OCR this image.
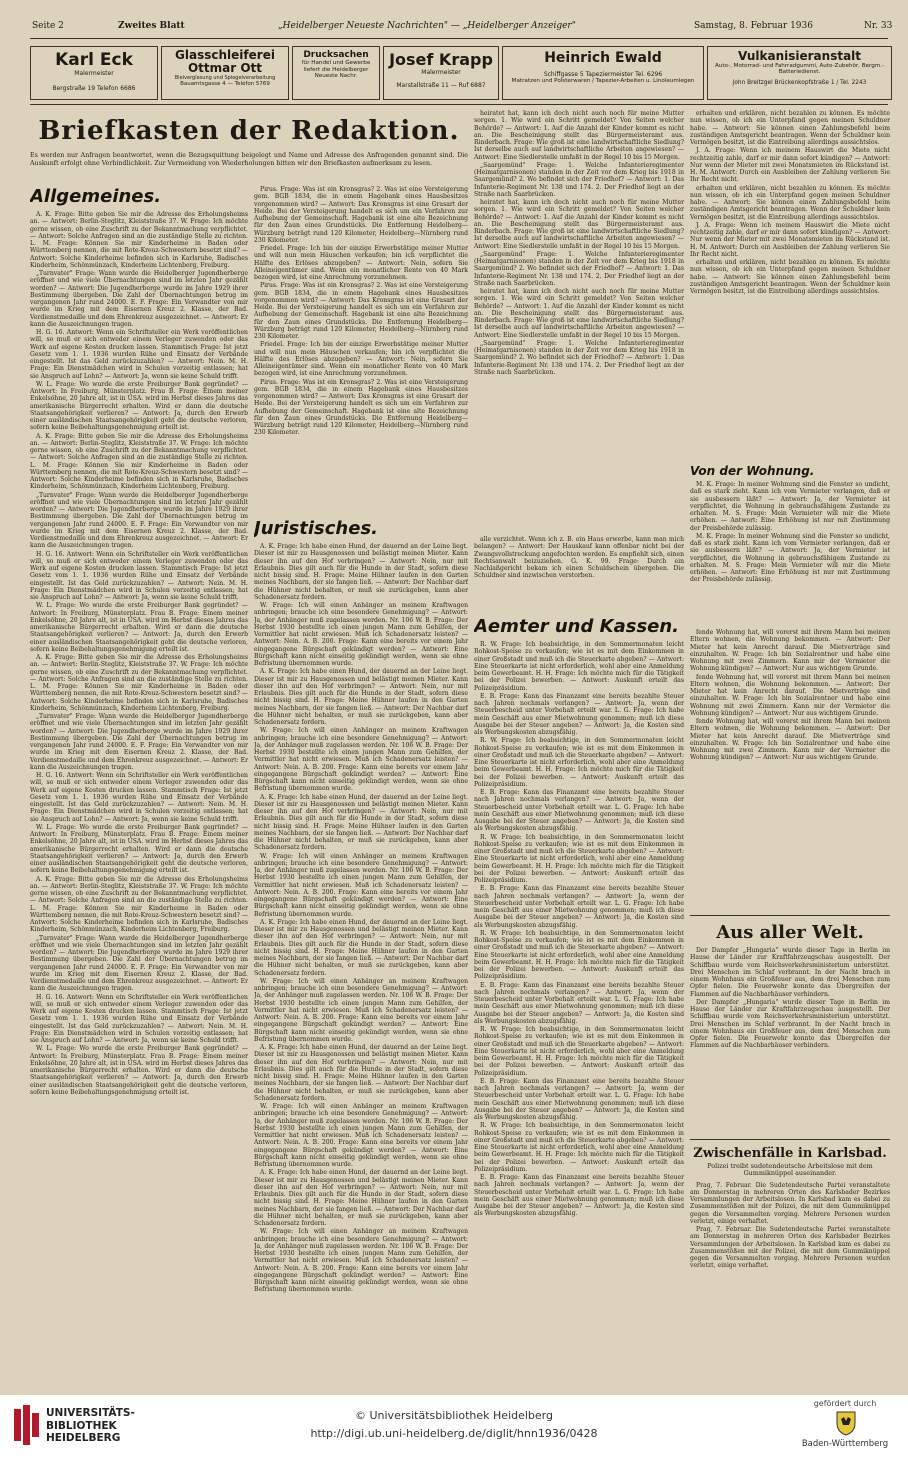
Seite 2	Zweites Blatt	„Heidelberger Neueste Nachrichten" — „Heidelberger Anzeiger"	Samstag, 8. Februar 1936	Nr. 33
Karl Eck
Malermeister
Bergstraße 19 Telefon 6686
Glasschleiferei Ottmar Ott
Bleiverglasung und Spiegelverarbeitung
Bauamtsgasse 4 — Telefon 5769
Drucksachen
für Handel und Gewerbe liefert die Heidelberger Neueste Nachr.
Josef Krapp
Malermeister
Marstallstraße 11 — Ruf 6887
Heinrich Ewald
Schiffgasse 5 Tapeziermeister Tel. 6296
Matratzen und Polsterwaren / Tapezier-Arbeiten u. Linoleumlegen
Vulkanisieranstalt
Auto-, Motorrad- und Fahrradgummi, Auto-Zubehör, Bergm.-Batteriedienst.
John Breitzgel Brückenkopfstraße 1 / Tel. 2243
Briefkasten der Redaktion.
Es werden nur Anfragen beantwortet, wenn die Bezugsquittung beigelegt und Name und Adresse des Anfragenden genannt sind. Die Auskunft erfolgt ohne Verbindlichkeit. Zur Vermeidung von Wiederholungen bitten wir den Briefkasten aufmerksam zu lesen.
Allgemeines.

A. K. Frage: Bitte geben Sie mir die Adresse des Erholungsheims an. — Antwort: Berlin-Steglitz, Kleiststraße 37. W. Frage: Ich möchte gerne wissen, ob eine Zuschrift zu der Bekanntmachung verpflichtet. — Antwort: Solche Anfragen sind an die zuständige Stelle zu richten. L. M. Frage: Können Sie mir Kinderheime in Baden oder Württemberg nennen, die mit Rote-Kreuz-Schwestern besetzt sind? — Antwort: Solche Kinderheime befinden sich in Karlsruhe, Badisches Kinderheim, Schönmünzach, Kinderheim Lichtenberg, Freiburg.

„Turnvater" Frage: Wann wurde die Heidelberger Jugendherberge eröffnet und wie viele Übernachtungen sind im letzten Jahr gezählt worden? — Antwort: Die Jugendherberge wurde im Jahre 1929 ihrer Bestimmung übergeben. Die Zahl der Übernachtungen betrug im vergangenen Jahr rund 24000. E. F. Frage: Ein Verwandter von mir wurde im Krieg mit dem Eisernen Kreuz 2. Klasse, der Bad. Verdienstmedaille und dem Ehrenkreuz ausgezeichnet. — Antwort: Er kann die Auszeichnungen tragen.

H. G. 16. Antwort: Wenn ein Schriftsteller ein Werk veröffentlichen will, so muß er sich entweder einem Verleger zuwenden oder das Werk auf eigene Kosten drucken lassen. Stammtisch Frage: Ist jetzt Gesetz vom 1. 1. 1936 wurden Rühe und Einsatz der Verbände eingestellt. Ist das Geld zurückzuzahlen? — Antwort: Nein. M. H. Frage: Ein Dienstmädchen wird in Schulen vorzeitig entlassen; hat sie Anspruch auf Lohn? — Antwort: Ja, wenn sie keine Schuld trifft.

W. L. Frage: Wo wurde die erste Freiburger Bank gegründet? — Antwort: In Freiburg, Münsterplatz. Frau B. Frage: Einem meiner Enkelsöhne, 20 Jahre alt, ist in USA. wird im Herbst dieses Jahres das amerikanische Bürgerrecht erhalten. Wird er dann die deutsche Staatsangehörigkeit verlieren? — Antwort: Ja, durch den Erwerb einer ausländischen Staatsangehörigkeit geht die deutsche verloren, sofern keine Beibehaltungsgenehmigung erteilt ist.

A. K. Frage: Bitte geben Sie mir die Adresse des Erholungsheims an. — Antwort: Berlin-Steglitz, Kleiststraße 37. W. Frage: Ich möchte gerne wissen, ob eine Zuschrift zu der Bekanntmachung verpflichtet. — Antwort: Solche Anfragen sind an die zuständige Stelle zu richten. L. M. Frage: Können Sie mir Kinderheime in Baden oder Württemberg nennen, die mit Rote-Kreuz-Schwestern besetzt sind? — Antwort: Solche Kinderheime befinden sich in Karlsruhe, Badisches Kinderheim, Schönmünzach, Kinderheim Lichtenberg, Freiburg.

„Turnvater" Frage: Wann wurde die Heidelberger Jugendherberge eröffnet und wie viele Übernachtungen sind im letzten Jahr gezählt worden? — Antwort: Die Jugendherberge wurde im Jahre 1929 ihrer Bestimmung übergeben. Die Zahl der Übernachtungen betrug im vergangenen Jahr rund 24000. E. F. Frage: Ein Verwandter von mir wurde im Krieg mit dem Eisernen Kreuz 2. Klasse, der Bad. Verdienstmedaille und dem Ehrenkreuz ausgezeichnet. — Antwort: Er kann die Auszeichnungen tragen.

H. G. 16. Antwort: Wenn ein Schriftsteller ein Werk veröffentlichen will, so muß er sich entweder einem Verleger zuwenden oder das Werk auf eigene Kosten drucken lassen. Stammtisch Frage: Ist jetzt Gesetz vom 1. 1. 1936 wurden Rühe und Einsatz der Verbände eingestellt. Ist das Geld zurückzuzahlen? — Antwort: Nein. M. H. Frage: Ein Dienstmädchen wird in Schulen vorzeitig entlassen; hat sie Anspruch auf Lohn? — Antwort: Ja, wenn sie keine Schuld trifft.

W. L. Frage: Wo wurde die erste Freiburger Bank gegründet? — Antwort: In Freiburg, Münsterplatz. Frau B. Frage: Einem meiner Enkelsöhne, 20 Jahre alt, ist in USA. wird im Herbst dieses Jahres das amerikanische Bürgerrecht erhalten. Wird er dann die deutsche Staatsangehörigkeit verlieren? — Antwort: Ja, durch den Erwerb einer ausländischen Staatsangehörigkeit geht die deutsche verloren, sofern keine Beibehaltungsgenehmigung erteilt ist.

A. K. Frage: Bitte geben Sie mir die Adresse des Erholungsheims an. — Antwort: Berlin-Steglitz, Kleiststraße 37. W. Frage: Ich möchte gerne wissen, ob eine Zuschrift zu der Bekanntmachung verpflichtet. — Antwort: Solche Anfragen sind an die zuständige Stelle zu richten. L. M. Frage: Können Sie mir Kinderheime in Baden oder Württemberg nennen, die mit Rote-Kreuz-Schwestern besetzt sind? — Antwort: Solche Kinderheime befinden sich in Karlsruhe, Badisches Kinderheim, Schönmünzach, Kinderheim Lichtenberg, Freiburg.

„Turnvater" Frage: Wann wurde die Heidelberger Jugendherberge eröffnet und wie viele Übernachtungen sind im letzten Jahr gezählt worden? — Antwort: Die Jugendherberge wurde im Jahre 1929 ihrer Bestimmung übergeben. Die Zahl der Übernachtungen betrug im vergangenen Jahr rund 24000. E. F. Frage: Ein Verwandter von mir wurde im Krieg mit dem Eisernen Kreuz 2. Klasse, der Bad. Verdienstmedaille und dem Ehrenkreuz ausgezeichnet. — Antwort: Er kann die Auszeichnungen tragen.

H. G. 16. Antwort: Wenn ein Schriftsteller ein Werk veröffentlichen will, so muß er sich entweder einem Verleger zuwenden oder das Werk auf eigene Kosten drucken lassen. Stammtisch Frage: Ist jetzt Gesetz vom 1. 1. 1936 wurden Rühe und Einsatz der Verbände eingestellt. Ist das Geld zurückzuzahlen? — Antwort: Nein. M. H. Frage: Ein Dienstmädchen wird in Schulen vorzeitig entlassen; hat sie Anspruch auf Lohn? — Antwort: Ja, wenn sie keine Schuld trifft.

W. L. Frage: Wo wurde die erste Freiburger Bank gegründet? — Antwort: In Freiburg, Münsterplatz. Frau B. Frage: Einem meiner Enkelsöhne, 20 Jahre alt, ist in USA. wird im Herbst dieses Jahres das amerikanische Bürgerrecht erhalten. Wird er dann die deutsche Staatsangehörigkeit verlieren? — Antwort: Ja, durch den Erwerb einer ausländischen Staatsangehörigkeit geht die deutsche verloren, sofern keine Beibehaltungsgenehmigung erteilt ist.

A. K. Frage: Bitte geben Sie mir die Adresse des Erholungsheims an. — Antwort: Berlin-Steglitz, Kleiststraße 37. W. Frage: Ich möchte gerne wissen, ob eine Zuschrift zu der Bekanntmachung verpflichtet. — Antwort: Solche Anfragen sind an die zuständige Stelle zu richten. L. M. Frage: Können Sie mir Kinderheime in Baden oder Württemberg nennen, die mit Rote-Kreuz-Schwestern besetzt sind? — Antwort: Solche Kinderheime befinden sich in Karlsruhe, Badisches Kinderheim, Schönmünzach, Kinderheim Lichtenberg, Freiburg.

„Turnvater" Frage: Wann wurde die Heidelberger Jugendherberge eröffnet und wie viele Übernachtungen sind im letzten Jahr gezählt worden? — Antwort: Die Jugendherberge wurde im Jahre 1929 ihrer Bestimmung übergeben. Die Zahl der Übernachtungen betrug im vergangenen Jahr rund 24000. E. F. Frage: Ein Verwandter von mir wurde im Krieg mit dem Eisernen Kreuz 2. Klasse, der Bad. Verdienstmedaille und dem Ehrenkreuz ausgezeichnet. — Antwort: Er kann die Auszeichnungen tragen.

H. G. 16. Antwort: Wenn ein Schriftsteller ein Werk veröffentlichen will, so muß er sich entweder einem Verleger zuwenden oder das Werk auf eigene Kosten drucken lassen. Stammtisch Frage: Ist jetzt Gesetz vom 1. 1. 1936 wurden Rühe und Einsatz der Verbände eingestellt. Ist das Geld zurückzuzahlen? — Antwort: Nein. M. H. Frage: Ein Dienstmädchen wird in Schulen vorzeitig entlassen; hat sie Anspruch auf Lohn? — Antwort: Ja, wenn sie keine Schuld trifft.

W. L. Frage: Wo wurde die erste Freiburger Bank gegründet? — Antwort: In Freiburg, Münsterplatz. Frau B. Frage: Einem meiner Enkelsöhne, 20 Jahre alt, ist in USA. wird im Herbst dieses Jahres das amerikanische Bürgerrecht erhalten. Wird er dann die deutsche Staatsangehörigkeit verlieren? — Antwort: Ja, durch den Erwerb einer ausländischen Staatsangehörigkeit geht die deutsche verloren, sofern keine Beibehaltungsgenehmigung erteilt ist.

Pirus. Frage: Was ist ein Kronsgras? 2. Was ist eine Versteigerung gem. BGB 1834, die in einem Hagebank eines Hausbesitzes vorgenommen wird? — Antwort: Das Kronsgras ist eine Grasart der Heide. Bei der Versteigerung handelt es sich um ein Verfahren zur Aufhebung der Gemeinschaft. Hagebank ist eine alte Bezeichnung für den Zaun eines Grundstücks. Die Entfernung Heidelberg—Würzburg beträgt rund 120 Kilometer, Heidelberg—Nürnberg rund 230 Kilometer.

Friedel. Frage: Ich bin der einzige Erwerbstätige meiner Mutter und will nun mein Häuschen verkaufen; bin ich verpflichtet die Hälfte des Erlöses abzugeben? — Antwort: Nein, sofern Sie Alleineigentümer sind. Wenn ein monatlicher Rente von 40 Mark bezogen wird, ist eine Anrechnung vorzunehmen.

Pirus. Frage: Was ist ein Kronsgras? 2. Was ist eine Versteigerung gem. BGB 1834, die in einem Hagebank eines Hausbesitzes vorgenommen wird? — Antwort: Das Kronsgras ist eine Grasart der Heide. Bei der Versteigerung handelt es sich um ein Verfahren zur Aufhebung der Gemeinschaft. Hagebank ist eine alte Bezeichnung für den Zaun eines Grundstücks. Die Entfernung Heidelberg—Würzburg beträgt rund 120 Kilometer, Heidelberg—Nürnberg rund 230 Kilometer.

Friedel. Frage: Ich bin der einzige Erwerbstätige meiner Mutter und will nun mein Häuschen verkaufen; bin ich verpflichtet die Hälfte des Erlöses abzugeben? — Antwort: Nein, sofern Sie Alleineigentümer sind. Wenn ein monatlicher Rente von 40 Mark bezogen wird, ist eine Anrechnung vorzunehmen.

Pirus. Frage: Was ist ein Kronsgras? 2. Was ist eine Versteigerung gem. BGB 1834, die in einem Hagebank eines Hausbesitzes vorgenommen wird? — Antwort: Das Kronsgras ist eine Grasart der Heide. Bei der Versteigerung handelt es sich um ein Verfahren zur Aufhebung der Gemeinschaft. Hagebank ist eine alte Bezeichnung für den Zaun eines Grundstücks. Die Entfernung Heidelberg—Würzburg beträgt rund 120 Kilometer, Heidelberg—Nürnberg rund 230 Kilometer.

Juristisches.

A. K. Frage: Ich habe einen Hund, der dauernd an der Leine liegt. Dieser ist mir zu Hausgenossen und belästigt meinen Mieter. Kann dieser ihn auf den Hof verbringen? — Antwort: Nein, nur mit Erlaubnis. Dies gilt auch für die Hunde in der Stadt, sofern diese nicht bissig sind. H. Frage: Meine Hühner laufen in den Garten meines Nachbarn, der sie fangen ließ. — Antwort: Der Nachbar darf die Hühner nicht behalten, er muß sie zurückgeben, kann aber Schadenersatz fordern.

W. Frage: Ich will einen Anhänger an meinem Kraftwagen anbringen; brauche ich eine besondere Genehmigung? — Antwort: Ja, der Anhänger muß zugelassen werden. Nr. 106 W. B. Frage: Der Herbst 1930 bestellte ich einen jungen Mann zum Gehilfen, der Vermittler hat nicht erwiesen. Muß ich Schadenersatz leisten? — Antwort: Nein. A. B. 200. Frage: Kann eine bereits vor einem Jahr eingegangene Bürgschaft gekündigt werden? — Antwort: Eine Bürgschaft kann nicht einseitig gekündigt werden, wenn sie ohne Befristung übernommen wurde.

A. K. Frage: Ich habe einen Hund, der dauernd an der Leine liegt. Dieser ist mir zu Hausgenossen und belästigt meinen Mieter. Kann dieser ihn auf den Hof verbringen? — Antwort: Nein, nur mit Erlaubnis. Dies gilt auch für die Hunde in der Stadt, sofern diese nicht bissig sind. H. Frage: Meine Hühner laufen in den Garten meines Nachbarn, der sie fangen ließ. — Antwort: Der Nachbar darf die Hühner nicht behalten, er muß sie zurückgeben, kann aber Schadenersatz fordern.

W. Frage: Ich will einen Anhänger an meinem Kraftwagen anbringen; brauche ich eine besondere Genehmigung? — Antwort: Ja, der Anhänger muß zugelassen werden. Nr. 106 W. B. Frage: Der Herbst 1930 bestellte ich einen jungen Mann zum Gehilfen, der Vermittler hat nicht erwiesen. Muß ich Schadenersatz leisten? — Antwort: Nein. A. B. 200. Frage: Kann eine bereits vor einem Jahr eingegangene Bürgschaft gekündigt werden? — Antwort: Eine Bürgschaft kann nicht einseitig gekündigt werden, wenn sie ohne Befristung übernommen wurde.

A. K. Frage: Ich habe einen Hund, der dauernd an der Leine liegt. Dieser ist mir zu Hausgenossen und belästigt meinen Mieter. Kann dieser ihn auf den Hof verbringen? — Antwort: Nein, nur mit Erlaubnis. Dies gilt auch für die Hunde in der Stadt, sofern diese nicht bissig sind. H. Frage: Meine Hühner laufen in den Garten meines Nachbarn, der sie fangen ließ. — Antwort: Der Nachbar darf die Hühner nicht behalten, er muß sie zurückgeben, kann aber Schadenersatz fordern.

W. Frage: Ich will einen Anhänger an meinem Kraftwagen anbringen; brauche ich eine besondere Genehmigung? — Antwort: Ja, der Anhänger muß zugelassen werden. Nr. 106 W. B. Frage: Der Herbst 1930 bestellte ich einen jungen Mann zum Gehilfen, der Vermittler hat nicht erwiesen. Muß ich Schadenersatz leisten? — Antwort: Nein. A. B. 200. Frage: Kann eine bereits vor einem Jahr eingegangene Bürgschaft gekündigt werden? — Antwort: Eine Bürgschaft kann nicht einseitig gekündigt werden, wenn sie ohne Befristung übernommen wurde.

A. K. Frage: Ich habe einen Hund, der dauernd an der Leine liegt. Dieser ist mir zu Hausgenossen und belästigt meinen Mieter. Kann dieser ihn auf den Hof verbringen? — Antwort: Nein, nur mit Erlaubnis. Dies gilt auch für die Hunde in der Stadt, sofern diese nicht bissig sind. H. Frage: Meine Hühner laufen in den Garten meines Nachbarn, der sie fangen ließ. — Antwort: Der Nachbar darf die Hühner nicht behalten, er muß sie zurückgeben, kann aber Schadenersatz fordern.

W. Frage: Ich will einen Anhänger an meinem Kraftwagen anbringen; brauche ich eine besondere Genehmigung? — Antwort: Ja, der Anhänger muß zugelassen werden. Nr. 106 W. B. Frage: Der Herbst 1930 bestellte ich einen jungen Mann zum Gehilfen, der Vermittler hat nicht erwiesen. Muß ich Schadenersatz leisten? — Antwort: Nein. A. B. 200. Frage: Kann eine bereits vor einem Jahr eingegangene Bürgschaft gekündigt werden? — Antwort: Eine Bürgschaft kann nicht einseitig gekündigt werden, wenn sie ohne Befristung übernommen wurde.

A. K. Frage: Ich habe einen Hund, der dauernd an der Leine liegt. Dieser ist mir zu Hausgenossen und belästigt meinen Mieter. Kann dieser ihn auf den Hof verbringen? — Antwort: Nein, nur mit Erlaubnis. Dies gilt auch für die Hunde in der Stadt, sofern diese nicht bissig sind. H. Frage: Meine Hühner laufen in den Garten meines Nachbarn, der sie fangen ließ. — Antwort: Der Nachbar darf die Hühner nicht behalten, er muß sie zurückgeben, kann aber Schadenersatz fordern.

W. Frage: Ich will einen Anhänger an meinem Kraftwagen anbringen; brauche ich eine besondere Genehmigung? — Antwort: Ja, der Anhänger muß zugelassen werden. Nr. 106 W. B. Frage: Der Herbst 1930 bestellte ich einen jungen Mann zum Gehilfen, der Vermittler hat nicht erwiesen. Muß ich Schadenersatz leisten? — Antwort: Nein. A. B. 200. Frage: Kann eine bereits vor einem Jahr eingegangene Bürgschaft gekündigt werden? — Antwort: Eine Bürgschaft kann nicht einseitig gekündigt werden, wenn sie ohne Befristung übernommen wurde.

A. K. Frage: Ich habe einen Hund, der dauernd an der Leine liegt. Dieser ist mir zu Hausgenossen und belästigt meinen Mieter. Kann dieser ihn auf den Hof verbringen? — Antwort: Nein, nur mit Erlaubnis. Dies gilt auch für die Hunde in der Stadt, sofern diese nicht bissig sind. H. Frage: Meine Hühner laufen in den Garten meines Nachbarn, der sie fangen ließ. — Antwort: Der Nachbar darf die Hühner nicht behalten, er muß sie zurückgeben, kann aber Schadenersatz fordern.

W. Frage: Ich will einen Anhänger an meinem Kraftwagen anbringen; brauche ich eine besondere Genehmigung? — Antwort: Ja, der Anhänger muß zugelassen werden. Nr. 106 W. B. Frage: Der Herbst 1930 bestellte ich einen jungen Mann zum Gehilfen, der Vermittler hat nicht erwiesen. Muß ich Schadenersatz leisten? — Antwort: Nein. A. B. 200. Frage: Kann eine bereits vor einem Jahr eingegangene Bürgschaft gekündigt werden? — Antwort: Eine Bürgschaft kann nicht einseitig gekündigt werden, wenn sie ohne Befristung übernommen wurde.

heiratet hat, kann ich doch nicht auch noch für meine Mutter sorgen. 1. Wie wird ein Schritt gemeldet? Von Seiten welcher Behörde? — Antwort: 1. Auf die Anzahl der Kinder kommt es nicht an. Die Bescheinigung stellt das Bürgermeisteramt aus. Rinderbach. Frage: Wie groß ist eine landwirtschaftliche Siedlung? Ist derselbe auch auf landwirtschaftliche Arbeiten angewiesen? — Antwort: Eine Siedlerstelle umfaßt in der Regel 10 bis 15 Morgen.

„Saargemünd" Frage: 1. Welche Infanterieregimenter (Heimatgarnisonen) standen in der Zeit vor dem Krieg bis 1918 in Saargemünd? 2. Wo befindet sich der Friedhof? — Antwort: 1. Das Infanterie-Regiment Nr. 138 und 174. 2. Der Friedhof liegt an der Straße nach Saarbrücken.

heiratet hat, kann ich doch nicht auch noch für meine Mutter sorgen. 1. Wie wird ein Schritt gemeldet? Von Seiten welcher Behörde? — Antwort: 1. Auf die Anzahl der Kinder kommt es nicht an. Die Bescheinigung stellt das Bürgermeisteramt aus. Rinderbach. Frage: Wie groß ist eine landwirtschaftliche Siedlung? Ist derselbe auch auf landwirtschaftliche Arbeiten angewiesen? — Antwort: Eine Siedlerstelle umfaßt in der Regel 10 bis 15 Morgen.

„Saargemünd" Frage: 1. Welche Infanterieregimenter (Heimatgarnisonen) standen in der Zeit vor dem Krieg bis 1918 in Saargemünd? 2. Wo befindet sich der Friedhof? — Antwort: 1. Das Infanterie-Regiment Nr. 138 und 174. 2. Der Friedhof liegt an der Straße nach Saarbrücken.

heiratet hat, kann ich doch nicht auch noch für meine Mutter sorgen. 1. Wie wird ein Schritt gemeldet? Von Seiten welcher Behörde? — Antwort: 1. Auf die Anzahl der Kinder kommt es nicht an. Die Bescheinigung stellt das Bürgermeisteramt aus. Rinderbach. Frage: Wie groß ist eine landwirtschaftliche Siedlung? Ist derselbe auch auf landwirtschaftliche Arbeiten angewiesen? — Antwort: Eine Siedlerstelle umfaßt in der Regel 10 bis 15 Morgen.

„Saargemünd" Frage: 1. Welche Infanterieregimenter (Heimatgarnisonen) standen in der Zeit vor dem Krieg bis 1918 in Saargemünd? 2. Wo befindet sich der Friedhof? — Antwort: 1. Das Infanterie-Regiment Nr. 138 und 174. 2. Der Friedhof liegt an der Straße nach Saarbrücken.

alle verzichtet. Wenn ich z. B. ein Haus erwerbe, kann man mich belangen? — Antwort: Der Hauskauf kann offenbar nicht bei der Zwangsvollstreckung angefochten werden. Es empfiehlt sich, einen Rechtsanwalt beizuziehen. G. K. 99. Frage: Durch ein Nachlaßgericht bekam ich einen Schuldschein übergeben. Die Schuldner sind inzwischen verstorben.

Aemter und Kassen.

R. W. Frage: Ich beabsichtige, in den Sommermonaten leicht Rohkost-Speise zu verkaufen; wie ist es mit dem Einkommen in einer Großstadt und muß ich die Steuerkarte abgeben? — Antwort: Eine Steuerkarte ist nicht erforderlich, wohl aber eine Anmeldung beim Gewerbeamt. H. H. Frage: Ich möchte mich für die Tätigkeit bei der Polizei bewerben. — Antwort: Auskunft erteilt das Polizeipräsidium.

E. B. Frage: Kann das Finanzamt eine bereits bezahlte Steuer nach Jahren nochmals verlangen? — Antwort: Ja, wenn der Steuerbescheid unter Vorbehalt erteilt war. L. G. Frage: Ich habe mein Geschäft aus einer Mietwohnung genommen; muß ich diese Ausgabe bei der Steuer angeben? — Antwort: Ja, die Kosten sind als Werbungskosten abzugsfähig.

R. W. Frage: Ich beabsichtige, in den Sommermonaten leicht Rohkost-Speise zu verkaufen; wie ist es mit dem Einkommen in einer Großstadt und muß ich die Steuerkarte abgeben? — Antwort: Eine Steuerkarte ist nicht erforderlich, wohl aber eine Anmeldung beim Gewerbeamt. H. H. Frage: Ich möchte mich für die Tätigkeit bei der Polizei bewerben. — Antwort: Auskunft erteilt das Polizeipräsidium.

E. B. Frage: Kann das Finanzamt eine bereits bezahlte Steuer nach Jahren nochmals verlangen? — Antwort: Ja, wenn der Steuerbescheid unter Vorbehalt erteilt war. L. G. Frage: Ich habe mein Geschäft aus einer Mietwohnung genommen; muß ich diese Ausgabe bei der Steuer angeben? — Antwort: Ja, die Kosten sind als Werbungskosten abzugsfähig.

R. W. Frage: Ich beabsichtige, in den Sommermonaten leicht Rohkost-Speise zu verkaufen; wie ist es mit dem Einkommen in einer Großstadt und muß ich die Steuerkarte abgeben? — Antwort: Eine Steuerkarte ist nicht erforderlich, wohl aber eine Anmeldung beim Gewerbeamt. H. H. Frage: Ich möchte mich für die Tätigkeit bei der Polizei bewerben. — Antwort: Auskunft erteilt das Polizeipräsidium.

E. B. Frage: Kann das Finanzamt eine bereits bezahlte Steuer nach Jahren nochmals verlangen? — Antwort: Ja, wenn der Steuerbescheid unter Vorbehalt erteilt war. L. G. Frage: Ich habe mein Geschäft aus einer Mietwohnung genommen; muß ich diese Ausgabe bei der Steuer angeben? — Antwort: Ja, die Kosten sind als Werbungskosten abzugsfähig.

R. W. Frage: Ich beabsichtige, in den Sommermonaten leicht Rohkost-Speise zu verkaufen; wie ist es mit dem Einkommen in einer Großstadt und muß ich die Steuerkarte abgeben? — Antwort: Eine Steuerkarte ist nicht erforderlich, wohl aber eine Anmeldung beim Gewerbeamt. H. H. Frage: Ich möchte mich für die Tätigkeit bei der Polizei bewerben. — Antwort: Auskunft erteilt das Polizeipräsidium.

E. B. Frage: Kann das Finanzamt eine bereits bezahlte Steuer nach Jahren nochmals verlangen? — Antwort: Ja, wenn der Steuerbescheid unter Vorbehalt erteilt war. L. G. Frage: Ich habe mein Geschäft aus einer Mietwohnung genommen; muß ich diese Ausgabe bei der Steuer angeben? — Antwort: Ja, die Kosten sind als Werbungskosten abzugsfähig.

R. W. Frage: Ich beabsichtige, in den Sommermonaten leicht Rohkost-Speise zu verkaufen; wie ist es mit dem Einkommen in einer Großstadt und muß ich die Steuerkarte abgeben? — Antwort: Eine Steuerkarte ist nicht erforderlich, wohl aber eine Anmeldung beim Gewerbeamt. H. H. Frage: Ich möchte mich für die Tätigkeit bei der Polizei bewerben. — Antwort: Auskunft erteilt das Polizeipräsidium.

E. B. Frage: Kann das Finanzamt eine bereits bezahlte Steuer nach Jahren nochmals verlangen? — Antwort: Ja, wenn der Steuerbescheid unter Vorbehalt erteilt war. L. G. Frage: Ich habe mein Geschäft aus einer Mietwohnung genommen; muß ich diese Ausgabe bei der Steuer angeben? — Antwort: Ja, die Kosten sind als Werbungskosten abzugsfähig.

R. W. Frage: Ich beabsichtige, in den Sommermonaten leicht Rohkost-Speise zu verkaufen; wie ist es mit dem Einkommen in einer Großstadt und muß ich die Steuerkarte abgeben? — Antwort: Eine Steuerkarte ist nicht erforderlich, wohl aber eine Anmeldung beim Gewerbeamt. H. H. Frage: Ich möchte mich für die Tätigkeit bei der Polizei bewerben. — Antwort: Auskunft erteilt das Polizeipräsidium.

E. B. Frage: Kann das Finanzamt eine bereits bezahlte Steuer nach Jahren nochmals verlangen? — Antwort: Ja, wenn der Steuerbescheid unter Vorbehalt erteilt war. L. G. Frage: Ich habe mein Geschäft aus einer Mietwohnung genommen; muß ich diese Ausgabe bei der Steuer angeben? — Antwort: Ja, die Kosten sind als Werbungskosten abzugsfähig.

erhalten und erklären, nicht bezahlen zu können. Es möchte nun wissen, ob ich ein Unterpfand gegen meinen Schuldner habe. — Antwort: Sie können einen Zahlungsbefehl beim zuständigen Amtsgericht beantragen. Wenn der Schuldner kein Vermögen besitzt, ist die Eintreibung allerdings aussichtslos.

J. A. Frage: Wenn ich meinem Hauswirt die Miete nicht rechtzeitig zahle, darf er mir dann sofort kündigen? — Antwort: Nur wenn der Mieter mit zwei Monatsmieten im Rückstand ist. H. M. Antwort: Durch ein Ausbleiben der Zahlung verlieren Sie Ihr Recht nicht.

erhalten und erklären, nicht bezahlen zu können. Es möchte nun wissen, ob ich ein Unterpfand gegen meinen Schuldner habe. — Antwort: Sie können einen Zahlungsbefehl beim zuständigen Amtsgericht beantragen. Wenn der Schuldner kein Vermögen besitzt, ist die Eintreibung allerdings aussichtslos.

J. A. Frage: Wenn ich meinem Hauswirt die Miete nicht rechtzeitig zahle, darf er mir dann sofort kündigen? — Antwort: Nur wenn der Mieter mit zwei Monatsmieten im Rückstand ist. H. M. Antwort: Durch ein Ausbleiben der Zahlung verlieren Sie Ihr Recht nicht.

erhalten und erklären, nicht bezahlen zu können. Es möchte nun wissen, ob ich ein Unterpfand gegen meinen Schuldner habe. — Antwort: Sie können einen Zahlungsbefehl beim zuständigen Amtsgericht beantragen. Wenn der Schuldner kein Vermögen besitzt, ist die Eintreibung allerdings aussichtslos.

Von der Wohnung.

M. K. Frage: In meiner Wohnung sind die Fenster so undicht, daß es stark zieht. Kann ich vom Vermieter verlangen, daß er sie ausbessern läßt? — Antwort: Ja, der Vermieter ist verpflichtet, die Wohnung in gebrauchsfähigem Zustande zu erhalten. M. S. Frage: Mein Vermieter will mir die Miete erhöhen. — Antwort: Eine Erhöhung ist nur mit Zustimmung der Preisbehörde zulässig.

M. K. Frage: In meiner Wohnung sind die Fenster so undicht, daß es stark zieht. Kann ich vom Vermieter verlangen, daß er sie ausbessern läßt? — Antwort: Ja, der Vermieter ist verpflichtet, die Wohnung in gebrauchsfähigem Zustande zu erhalten. M. S. Frage: Mein Vermieter will mir die Miete erhöhen. — Antwort: Eine Erhöhung ist nur mit Zustimmung der Preisbehörde zulässig.

fende Wohnung hat, will vorerst mit ihrem Mann bei meinen Eltern wohnen, die Wohnung bekommen. — Antwort: Der Mieter hat kein Anrecht darauf. Die Mietverträge sind einzuhalten. W. Frage: Ich bin Sozialrentner und habe eine Wohnung mit zwei Zimmern. Kann mir der Vermieter die Wohnung kündigen? — Antwort: Nur aus wichtigem Grunde.

fende Wohnung hat, will vorerst mit ihrem Mann bei meinen Eltern wohnen, die Wohnung bekommen. — Antwort: Der Mieter hat kein Anrecht darauf. Die Mietverträge sind einzuhalten. W. Frage: Ich bin Sozialrentner und habe eine Wohnung mit zwei Zimmern. Kann mir der Vermieter die Wohnung kündigen? — Antwort: Nur aus wichtigem Grunde.

fende Wohnung hat, will vorerst mit ihrem Mann bei meinen Eltern wohnen, die Wohnung bekommen. — Antwort: Der Mieter hat kein Anrecht darauf. Die Mietverträge sind einzuhalten. W. Frage: Ich bin Sozialrentner und habe eine Wohnung mit zwei Zimmern. Kann mir der Vermieter die Wohnung kündigen? — Antwort: Nur aus wichtigem Grunde.

Aus aller Welt.

Der Dampfer „Hungaria" wurde dieser Tage in Berlin im Hause der Länder zur Kraftfahrzeugschau ausgestellt. Der Schiffbau wurde vom Reichsverkehrsministerium unterstützt. Drei Menschen im Schlaf verbrannt. In der Nacht brach in einem Wohnhaus ein Großfeuer aus, dem drei Menschen zum Opfer fielen. Die Feuerwehr konnte das Übergreifen der Flammen auf die Nachbarhäuser verhindern.

Der Dampfer „Hungaria" wurde dieser Tage in Berlin im Hause der Länder zur Kraftfahrzeugschau ausgestellt. Der Schiffbau wurde vom Reichsverkehrsministerium unterstützt. Drei Menschen im Schlaf verbrannt. In der Nacht brach in einem Wohnhaus ein Großfeuer aus, dem drei Menschen zum Opfer fielen. Die Feuerwehr konnte das Übergreifen der Flammen auf die Nachbarhäuser verhindern.

Zwischenfälle in Karlsbad.
Polizei treibt sudetendeutsche Arbeitslose mit dem Gummiknüppel auseinander.

Prag, 7. Februar. Die Sudetendeutsche Partei veranstaltete am Donnerstag in mehreren Orten des Karlsbader Bezirkes Versammlungen der Arbeitslosen. In Karlsbad kam es dabei zu Zusammenstößen mit der Polizei, die mit dem Gummiknüppel gegen die Versammelten vorging. Mehrere Personen wurden verletzt, einige verhaftet.

Prag, 7. Februar. Die Sudetendeutsche Partei veranstaltete am Donnerstag in mehreren Orten des Karlsbader Bezirkes Versammlungen der Arbeitslosen. In Karlsbad kam es dabei zu Zusammenstößen mit der Polizei, die mit dem Gummiknüppel gegen die Versammelten vorging. Mehrere Personen wurden verletzt, einige verhaftet.

UNIVERSITÄTS-
BIBLIOTHEK
HEIDELBERG
© Universitätsbibliothek Heidelberg
http://digi.ub.uni-heidelberg.de/diglit/hnn1936/0428
gefördert durch
Baden-Württemberg
